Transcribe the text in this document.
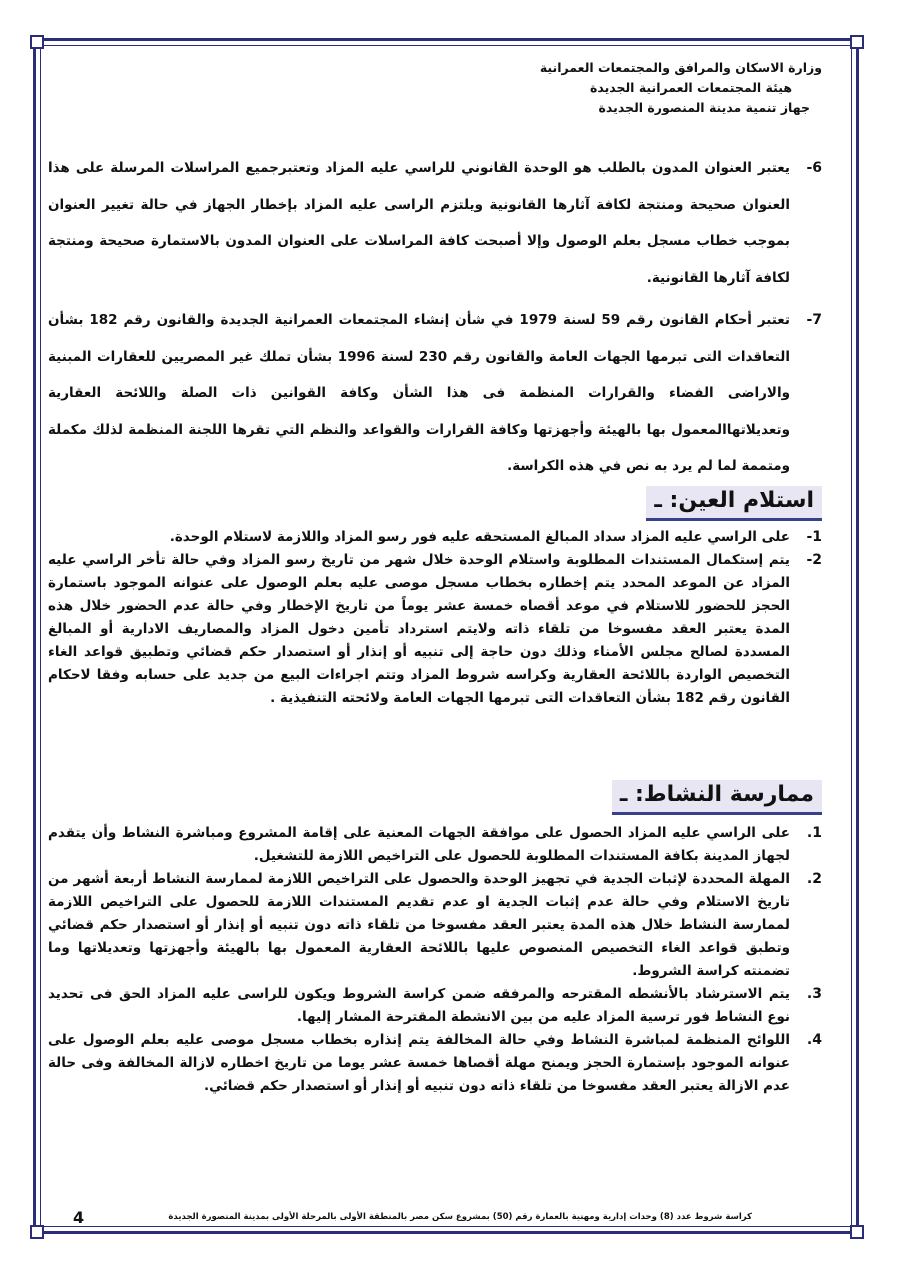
وزارة الاسكان والمرافق والمجتمعات العمرانية
هيئة المجتمعات العمرانية الجديدة
جهاز تنمية مدينة المنصورة الجديدة
6-
يعتبر العنوان المدون بالطلب هو الوحدة القانوني للراسي عليه المزاد وتعتبرجميع المراسلات المرسلة على هذا العنوان صحيحة ومنتجة لكافة آثارها القانونية ويلتزم الراسى عليه المزاد بإخطار الجهاز في حالة تغيير العنوان بموجب خطاب مسجل بعلم الوصول وإلا أصبحت كافة المراسلات على العنوان المدون بالاستمارة صحيحة ومنتجة لكافة آثارها القانونية.
7-
تعتبر أحكام القانون رقم 59 لسنة 1979 في شأن إنشاء المجتمعات العمرانية الجديدة والقانون رقم 182 بشأن التعاقدات التى تبرمها الجهات العامة والقانون رقم 230 لسنة 1996 بشأن تملك غير المصريين للعقارات المبنية والاراضى الفضاء والقرارات المنظمة فى هذا الشأن وكافة القوانين ذات الصلة واللائحة العقارية وتعديلاتهاالمعمول بها بالهيئة وأجهزتها وكافة القرارات والقواعد والنظم التي تقرها اللجنة المنظمة لذلك مكملة ومتممة لما لم يرد به نص في هذه الكراسة.
استلام العين: ـ
1-
على الراسي عليه المزاد سداد المبالغ المستحقه عليه فور رسو المزاد واللازمة لاستلام الوحدة.
2-
يتم إستكمال المستندات المطلوبة واستلام الوحدة خلال شهر من تاريخ رسو المزاد وفي حالة تأخر الراسي عليه المزاد عن الموعد المحدد يتم إخطاره بخطاب مسجل موصى عليه بعلم الوصول على عنوانه الموجود باستمارة الحجز للحضور للاستلام في موعد أقصاه خمسة عشر يوماً من تاريخ الإخطار وفي حالة عدم الحضور خلال هذه المدة يعتبر العقد مفسوخا من تلقاء ذاته ولايتم استرداد تأمين دخول المزاد والمصاريف الادارية أو المبالغ المسددة لصالح مجلس الأمناء وذلك دون حاجة إلى تنبيه أو إنذار أو استصدار حكم قضائي وتطبيق قواعد الغاء التخصيص الواردة باللائحة العقارية وكراسه شروط المزاد وتتم اجراءات البيع من جديد على حسابه وفقا لاحكام القانون رقم 182 بشأن التعاقدات التى تبرمها الجهات العامة ولائحته التنفيذية .
ممارسة النشاط: ـ
1.
على الراسي عليه المزاد الحصول على موافقة الجهات المعنية على إقامة المشروع ومباشرة النشاط وأن يتقدم لجهاز المدينة بكافة المستندات المطلوبة للحصول على التراخيص اللازمة للتشغيل.
2.
المهلة المحددة لإثبات الجدية في تجهيز الوحدة والحصول على التراخيص اللازمة لممارسة النشاط أربعة أشهر من تاريخ الاستلام وفي حالة عدم إثبات الجدية او عدم تقديم المستندات اللازمة للحصول على التراخيص اللازمة لممارسة النشاط خلال هذه المدة يعتبر العقد مفسوخا من تلقاء ذاته دون تنبيه أو إنذار أو استصدار حكم قضائي وتطبق قواعد الغاء التخصيص المنصوص عليها باللائحة العقارية المعمول بها بالهيئة وأجهزتها وتعديلاتها وما تضمنته كراسة الشروط.
3.
يتم الاسترشاد بالأنشطه المقترحه والمرفقه ضمن كراسة الشروط ويكون للراسى عليه المزاد الحق فى تحديد نوع النشاط فور ترسية المزاد عليه من بين الانشطة المقترحة المشار إليها.
4.
اللوائح المنظمة لمباشرة النشاط وفي حالة المخالفة يتم إنذاره بخطاب مسجل موصى عليه بعلم الوصول على عنوانه الموجود بإستمارة الحجز ويمنح مهلة أقصاها خمسة عشر يوما من تاريخ اخطاره لازالة المخالفة وفى حالة عدم الازالة يعتبر العقد مفسوخا من تلقاء ذاته دون تنبيه أو إنذار أو استصدار حكم قضائي.
كراسة شروط عدد (8) وحدات إدارية ومهنية بالعمارة رقم (50) بمشروع سكن مصر بالمنطقة الأولى بالمرحلة الأولى بمدينة المنصورة الجديدة
4
